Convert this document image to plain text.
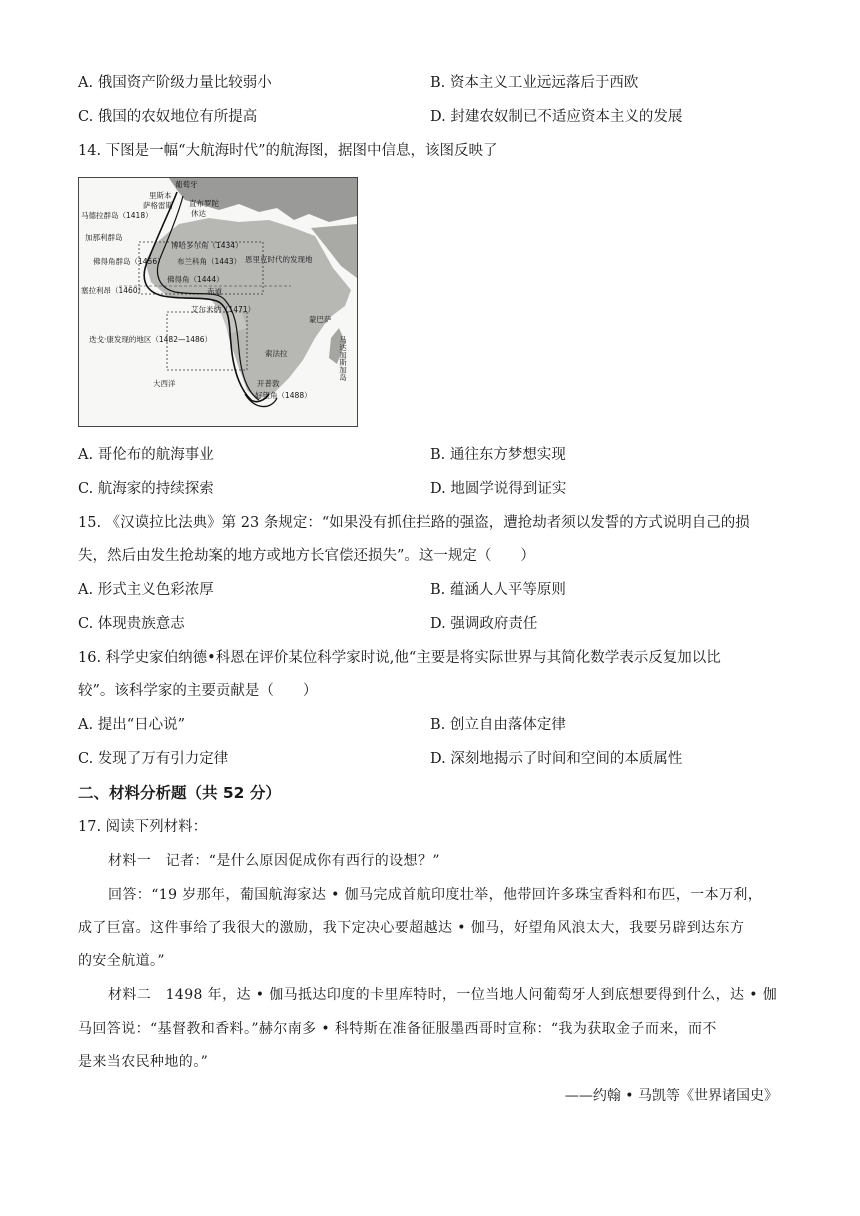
A. 俄国资产阶级力量比较弱小	B. 资本主义工业远远落后于西欧
C. 俄国的农奴地位有所提高	D. 封建农奴制已不适应资本主义的发展
14. 下图是一幅“大航海时代”的航海图，据图中信息，该图反映了
葡萄牙
里斯本
萨格雷斯
马德拉群岛（1418）
直布罗陀
休达
加那利群岛
博哈多尔角（1434）
布兰科角（1443） 恩里克时代的发现地
佛得角群岛（1456）
佛得角（1444）
塞拉利昂（1460）	赤道
艾尔米纳（1471）
迭戈·康发现的地区（1482—1486）
蒙巴萨
马达加斯加岛
索法拉
大西洋	开普敦
好望角（1488）
A. 哥伦布的航海事业	B. 通往东方梦想实现
C. 航海家的持续探索	D. 地圆学说得到证实
15. 《汉谟拉比法典》第 23 条规定：“如果没有抓住拦路的强盗，遭抢劫者须以发誓的方式说明自己的损
失，然后由发生抢劫案的地方或地方长官偿还损失”。这一规定（　　）
A. 形式主义色彩浓厚	B. 蕴涵人人平等原则
C. 体现贵族意志	D. 强调政府责任
16. 科学史家伯纳德•科恩在评价某位科学家时说,他“主要是将实际世界与其简化数学表示反复加以比
较”。该科学家的主要贡献是（　　）
A. 提出“日心说”	B. 创立自由落体定律
C. 发现了万有引力定律	D. 深刻地揭示了时间和空间的本质属性
二、材料分析题（共 52 分）
17. 阅读下列材料：
材料一　记者：“是什么原因促成你有西行的设想？”
回答：“19 岁那年，葡国航海家达 • 伽马完成首航印度壮举，他带回许多珠宝香料和布匹，一本万利，
成了巨富。这件事给了我很大的激励，我下定决心要超越达 • 伽马，好望角风浪太大，我要另辟到达东方
的安全航道。”
材料二　1498 年，达 • 伽马抵达印度的卡里库特时，一位当地人问葡萄牙人到底想要得到什么，达 • 伽
马回答说：“基督教和香料。”赫尔南多 • 科特斯在准备征服墨西哥时宣称：“我为获取金子而来，而不
是来当农民种地的。”
——约翰 • 马凯等《世界诸国史》
